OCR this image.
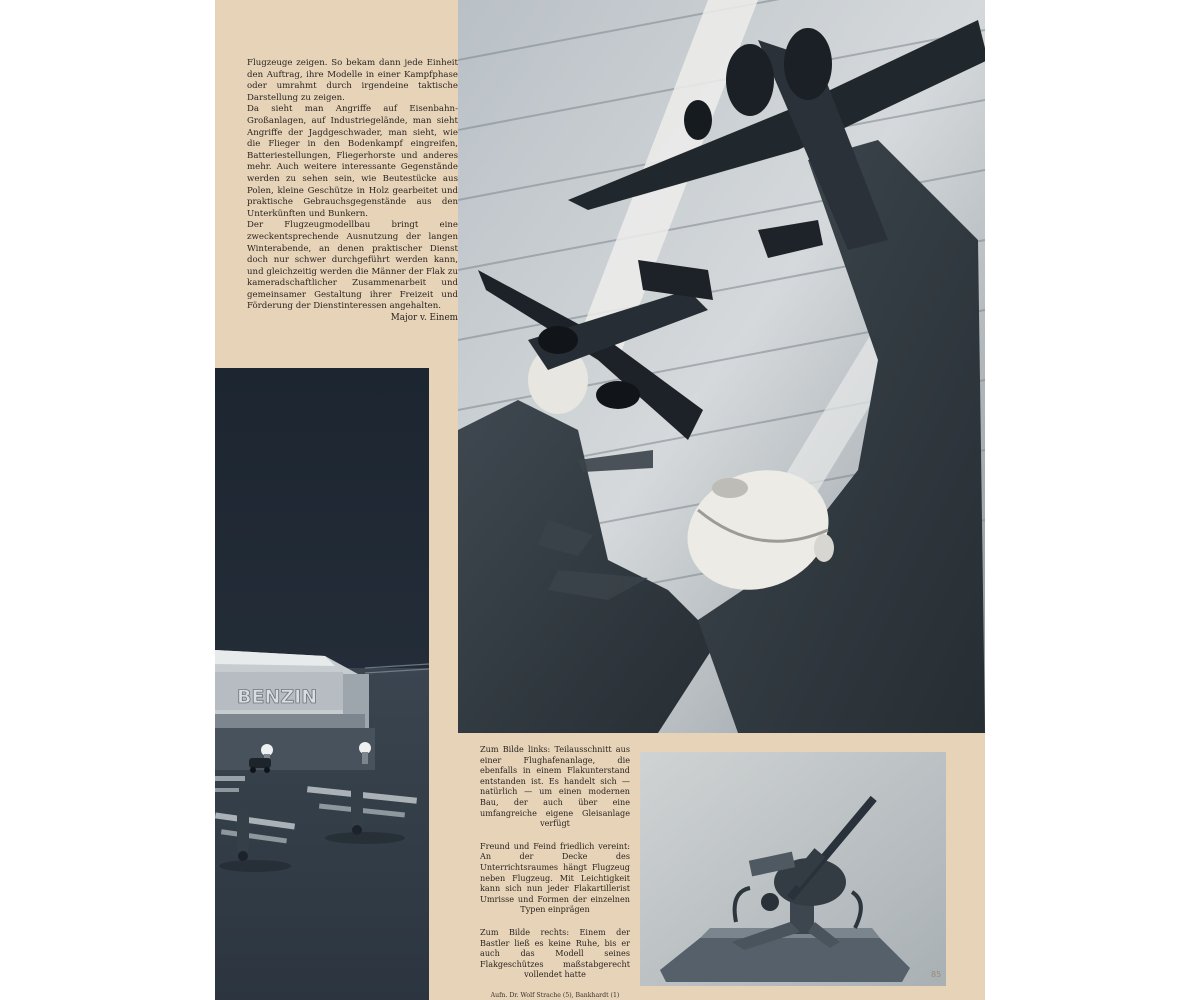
Flugzeuge zeigen. So bekam dann jede Einheit den Auftrag, ihre Modelle in einer Kampfphase oder umrahmt durch irgendeine taktische Darstellung zu zeigen.

Da sieht man Angriffe auf Eisenbahn-Großanlagen, auf Industriegelände, man sieht Angriffe der Jagdgeschwader, man sieht, wie die Flieger in den Bodenkampf eingreifen, Batteriestellungen, Fliegerhorste und anderes mehr. Auch weitere interessante Gegenstände werden zu sehen sein, wie Beutestücke aus Polen, kleine Geschütze in Holz gearbeitet und praktische Gebrauchsgegenstände aus den Unterkünften und Bunkern.

Der Flugzeugmodellbau bringt eine zweckentsprechende Ausnutzung der langen Winterabende, an denen praktischer Dienst doch nur schwer durchgeführt werden kann, und gleichzeitig werden die Männer der Flak zu kameradschaftlicher Zusammenarbeit und gemeinsamer Gestaltung ihrer Freizeit und Förderung der Dienstinteressen angehalten.

Major v. Einem

BENZIN

Zum Bilde links: Teilausschnitt aus einer Flughafenanlage, die ebenfalls in einem Flakunterstand entstanden ist. Es handelt sich — natürlich — um einen modernen Bau, der auch über eine umfangreiche eigene Gleisanlage verfügt

Freund und Feind friedlich vereint: An der Decke des Unterrichtsraumes hängt Flugzeug neben Flugzeug. Mit Leichtigkeit kann sich nun jeder Flakartillerist Umrisse und Formen der einzelnen Typen einprägen

Zum Bilde rechts: Einem der Bastler ließ es keine Ruhe, bis er auch das Modell seines Flakgeschützes maßstabgerecht vollendet hatte

Aufn. Dr. Wolf Strache (5), Bankhardt (1)

85
